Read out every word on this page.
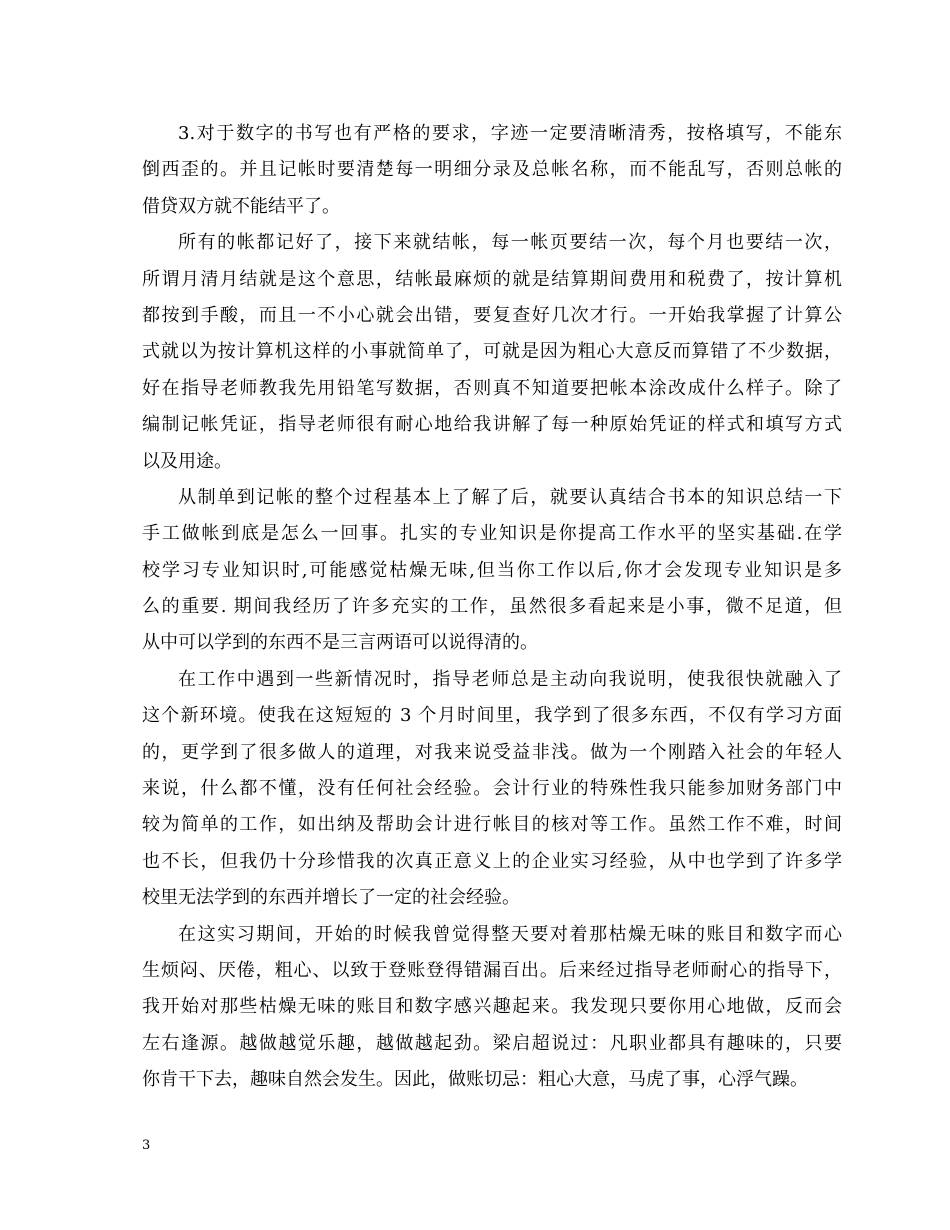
3.对于数字的书写也有严格的要求，字迹一定要清晰清秀，按格填写，不能东
倒西歪的。并且记帐时要清楚每一明细分录及总帐名称，而不能乱写，否则总帐的
借贷双方就不能结平了。
所有的帐都记好了，接下来就结帐，每一帐页要结一次，每个月也要结一次，
所谓月清月结就是这个意思，结帐最麻烦的就是结算期间费用和税费了，按计算机
都按到手酸，而且一不小心就会出错，要复查好几次才行。一开始我掌握了计算公
式就以为按计算机这样的小事就简单了，可就是因为粗心大意反而算错了不少数据，
好在指导老师教我先用铅笔写数据，否则真不知道要把帐本涂改成什么样子。除了
编制记帐凭证，指导老师很有耐心地给我讲解了每一种原始凭证的样式和填写方式
以及用途。
从制单到记帐的整个过程基本上了解了后，就要认真结合书本的知识总结一下
手工做帐到底是怎么一回事。扎实的专业知识是你提高工作水平的坚实基础.在学
校学习专业知识时,可能感觉枯燥无味,但当你工作以后,你才会发现专业知识是多
么的重要. 期间我经历了许多充实的工作，虽然很多看起来是小事，微不足道，但
从中可以学到的东西不是三言两语可以说得清的。
在工作中遇到一些新情况时，指导老师总是主动向我说明，使我很快就融入了
这个新环境。使我在这短短的 3 个月时间里，我学到了很多东西，不仅有学习方面
的，更学到了很多做人的道理，对我来说受益非浅。做为一个刚踏入社会的年轻人
来说，什么都不懂，没有任何社会经验。会计行业的特殊性我只能参加财务部门中
较为简单的工作，如出纳及帮助会计进行帐目的核对等工作。虽然工作不难，时间
也不长，但我仍十分珍惜我的次真正意义上的企业实习经验，从中也学到了许多学
校里无法学到的东西并增长了一定的社会经验。
在这实习期间，开始的时候我曾觉得整天要对着那枯燥无味的账目和数字而心
生烦闷、厌倦，粗心、以致于登账登得错漏百出。后来经过指导老师耐心的指导下，
我开始对那些枯燥无味的账目和数字感兴趣起来。我发现只要你用心地做，反而会
左右逢源。越做越觉乐趣，越做越起劲。梁启超说过：凡职业都具有趣味的，只要
你肯干下去，趣味自然会发生。因此，做账切忌：粗心大意，马虎了事，心浮气躁。
3
